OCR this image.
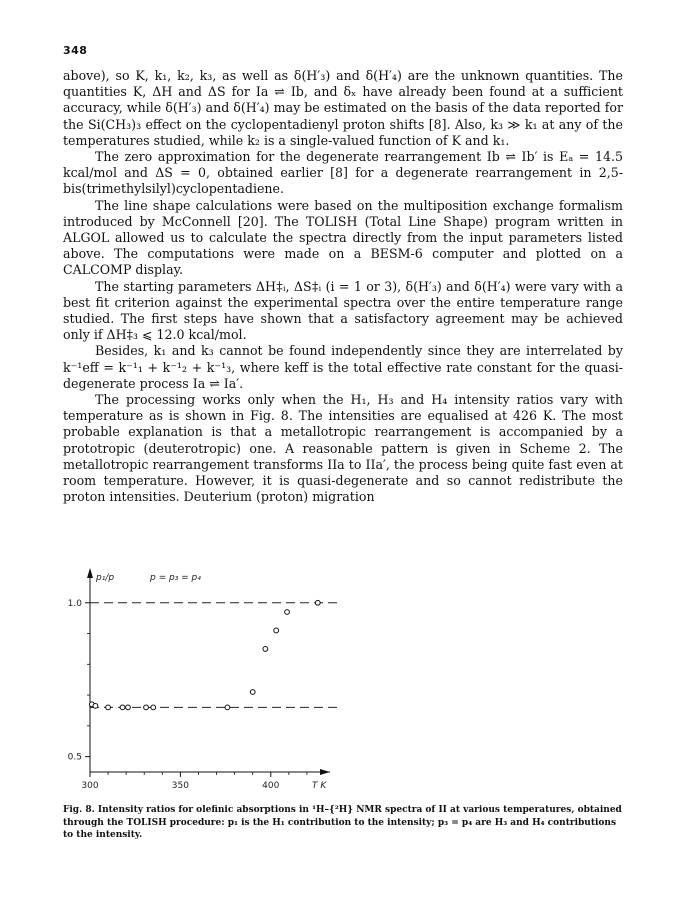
348

above), so K, k₁, k₂, k₃, as well as δ(H′₃) and δ(H′₄) are the unknown quantities. The quantities K, ΔH and ΔS for Ia ⇌ Ib, and δₓ have already been found at a sufficient accuracy, while δ(H′₃) and δ(H′₄) may be estimated on the basis of the data reported for the Si(CH₃)₃ effect on the cyclopentadienyl proton shifts [8]. Also, k₃ ≫ k₁ at any of the temperatures studied, while k₂ is a single-valued function of K and k₁.

The zero approximation for the degenerate rearrangement Ib ⇌ Ib′ is Eₐ = 14.5 kcal/mol and ΔS = 0, obtained earlier [8] for a degenerate rearrangement in 2,5-bis(trimethylsilyl)cyclopentadiene.

The line shape calculations were based on the multiposition exchange formalism introduced by McConnell [20]. The TOLISH (Total Line Shape) program written in ALGOL allowed us to calculate the spectra directly from the input parameters listed above. The computations were made on a BESM-6 computer and plotted on a CALCOMP display.

The starting parameters ΔH‡ᵢ, ΔS‡ᵢ (i = 1 or 3), δ(H′₃) and δ(H′₄) were vary with a best fit criterion against the experimental spectra over the entire temperature range studied. The first steps have shown that a satisfactory agreement may be achieved only if ΔH‡₃ ⩽ 12.0 kcal/mol.

Besides, k₁ and k₃ cannot be found independently since they are interrelated by k⁻¹eff = k⁻¹₁ + k⁻¹₂ + k⁻¹₃, where keff is the total effective rate constant for the quasi-degenerate process Ia ⇌ Ia′.

The processing works only when the H₁, H₃ and H₄ intensity ratios vary with temperature as is shown in Fig. 8. The intensities are equalised at 426 K. The most probable explanation is that a metallotropic rearrangement is accompanied by a prototropic (deuterotropic) one. A reasonable pattern is given in Scheme 2. The metallotropic rearrangement transforms IIa to IIa′, the process being quite fast even at room temperature. However, it is quasi-degenerate and so cannot redistribute the proton intensities. Deuterium (proton) migration

p₁/p	p = p₃ = p₄
T K
300	350	400
0.5
1.0
Fig. 8. Intensity ratios for olefinic absorptions in ¹H–{²H} NMR spectra of II at various temperatures, obtained through the TOLISH procedure: p₁ is the H₁ contribution to the intensity; p₃ = p₄ are H₃ and H₄ contributions to the intensity.
